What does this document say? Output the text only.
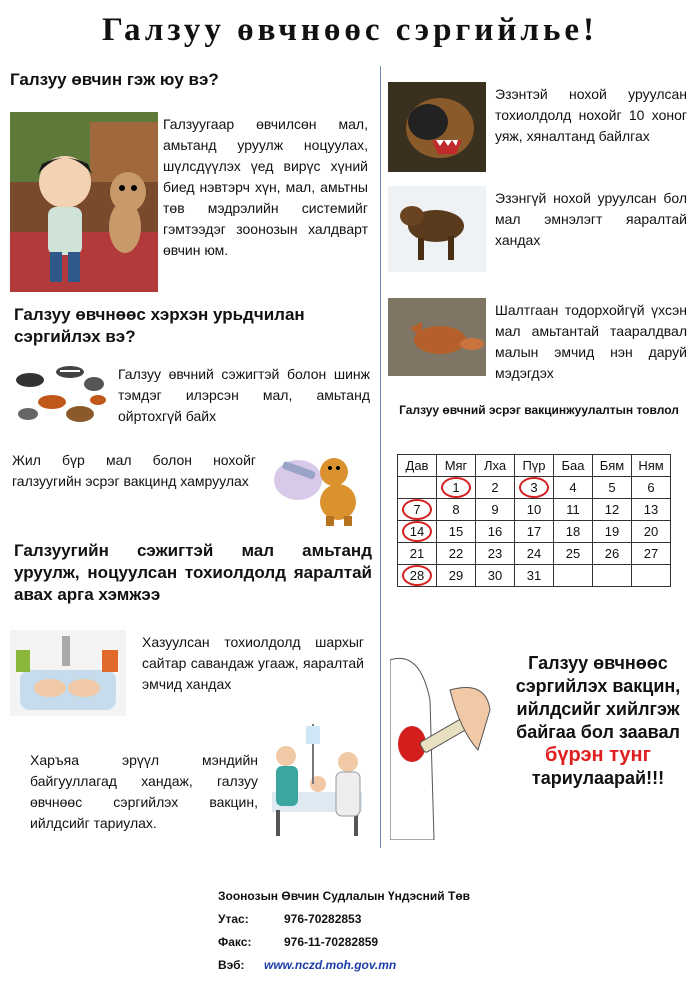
Галзуу өвчнөөс сэргийлье!
Галзуу өвчин гэж юу вэ?
Галзуугаар өвчилсөн мал, амьтанд уруулж ноцуулах, шүлсдүүлэх үед вирүс хүний биед нэвтэрч хүн, мал, амьтны төв мэдрэлийн системийг гэмтээдэг зоонозын халдварт өвчин юм.
Галзуу өвчнөөс хэрхэн урьдчилан сэргийлэх вэ?
Галзуу өвчний сэжигтэй болон шинж тэмдэг илэрсэн мал, амьтанд ойртохгүй байх
Жил бүр мал болон нохойг галзуугийн эсрэг вакцинд хамруулах
Галзуугийн сэжигтэй мал амьтанд уруулж, ноцуулсан тохиолдолд яаралтай авах арга хэмжээ
Хазуулсан тохиолдолд шархыг сайтар савандаж угааж, яаралтай эмчид хандах
Харъяа эрүүл мэндийн байгууллагад хандаж, галзуу өвчнөөс сэргийлэх вакцин, ийлдсийг тариулах.
Эзэнтэй нохой уруулсан тохиолдолд нохойг 10 хоног уяж, хяналтанд байлгах
Эзэнгүй нохой уруулсан бол мал эмнэлэгт яаралтай хандах
Шалтгаан тодорхойгүй үхсэн мал амьтантай тааралдвал малын эмчид нэн даруй мэдэгдэх
Галзуу өвчний эсрэг вакцинжуулалтын товлол
Дав	Мяг	Лха	Пүр	Баа	Бям	Ням
	1	2	3	4	5	6
7	8	9	10	11	12	13
14	15	16	17	18	19	20
21	22	23	24	25	26	27
28	29	30	31			
Галзуу өвчнөөс
сэргийлэх вакцин,
ийлдсийг хийлгэж
байгаа бол заавал
бүрэн тунг
тариулаарай!!!
Зоонозын Өвчин Судлалын Үндэсний Төв
Утас:	976-70282853
Факс:	976-11-70282859
Вэб: www.nczd.moh.gov.mn
